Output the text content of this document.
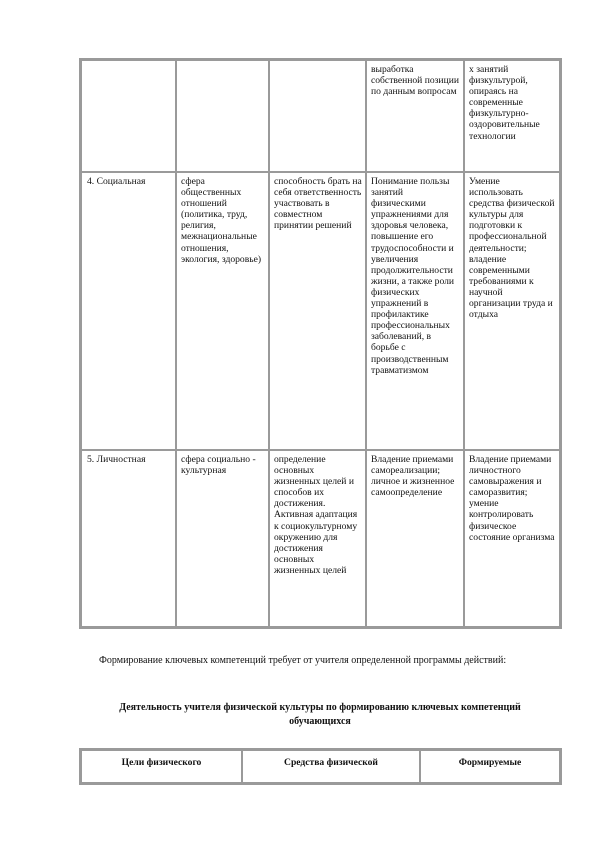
			выработка собственной позиции по данным вопросам	х занятий физкультурой, опираясь на современные физкультурно-оздоровительные технологии
4. Социальная	сфера общественных отношений (политика, труд, религия, межнациональные отношения, экология, здоровье)	способность брать на себя ответственность участвовать в совместном принятии решений	Понимание пользы занятий физическими упражнениями для здоровья человека, повышение его трудоспособности и увеличения продолжительности жизни, а также роли физических упражнений в профилактике профессиональных заболеваний, в борьбе с производственным травматизмом	Умение использовать средства физической культуры для подготовки к профессиональной деятельности; владение современными требованиями к научной организации труда и отдыха
5. Личностная	сфера социально - культурная	определение основных жизненных целей и способов их достижения. Активная адаптация к социокультурному окружению для достижения основных жизненных целей	Владение приемами самореализации; личное и жизненное самоопределение	Владение приемами личностного самовыражения и саморазвития; умение контролировать физическое состояние организма
Формирование ключевых компетенций требует от учителя определенной программы действий:
Деятельность учителя физической культуры по формированию ключевых компетенций обучающихся
Цели физического	Средства физической	Формируемые
